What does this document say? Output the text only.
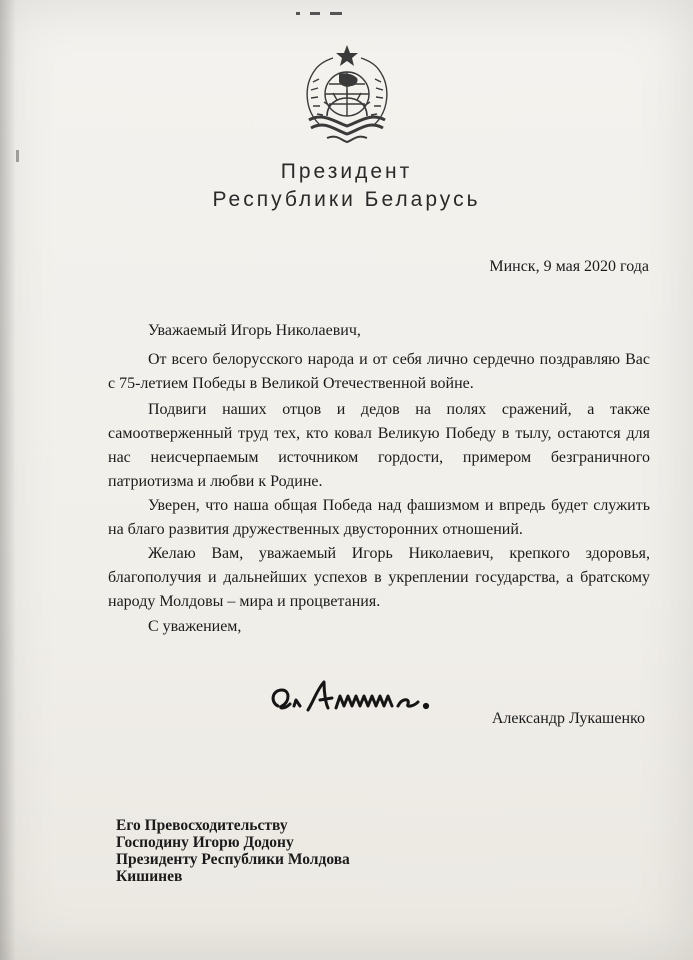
Президент
Республики Беларусь
Минск, 9 мая 2020 года
Уважаемый Игорь Николаевич,

От всего белорусского народа и от себя лично сердечно поздравляю Вас с 75-летием Победы в Великой Отечественной войне.

Подвиги наших отцов и дедов на полях сражений, а также самоотверженный труд тех, кто ковал Великую Победу в тылу, остаются для нас неисчерпаемым источником гордости, примером безграничного патриотизма и любви к Родине.

Уверен, что наша общая Победа над фашизмом и впредь будет служить на благо развития дружественных двусторонних отношений.

Желаю Вам, уважаемый Игорь Николаевич, крепкого здоровья, благополучия и дальнейших успехов в укреплении государства, а братскому народу Молдовы – мира и процветания.

С уважением,
Александр Лукашенко
Его Превосходительству
Господину Игорю Додону
Президенту Республики Молдова
Кишинев
